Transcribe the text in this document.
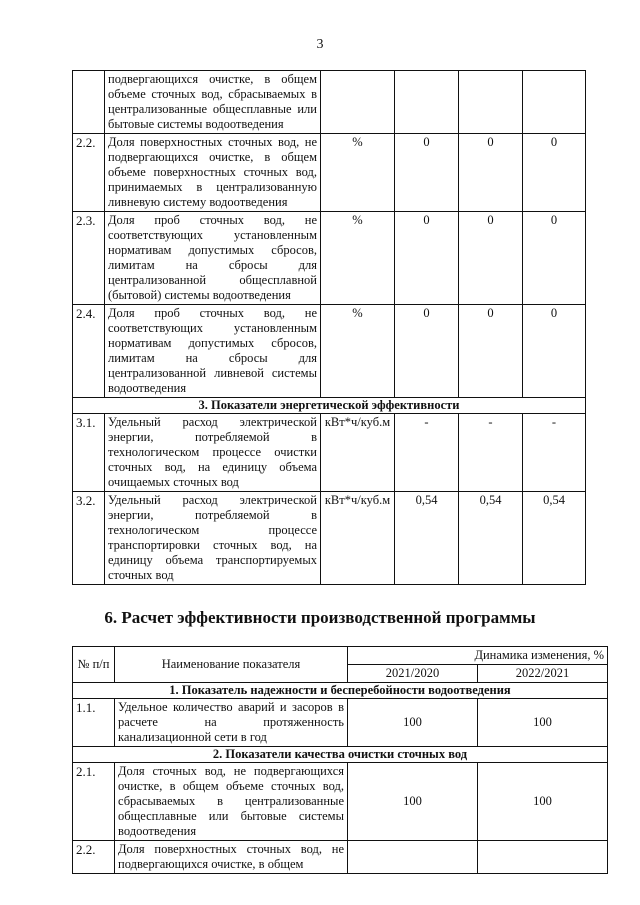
3
	подвергающихся очистке, в общем объеме сточных вод, сбрасываемых в централизованные общесплавные или бытовые системы водоотведения				
2.2.	Доля поверхностных сточных вод, не подвергающихся очистке, в общем объеме поверхностных сточных вод, принимаемых в централизованную ливневую систему водоотведения	%	0	0	0
2.3.	Доля проб сточных вод, не соответствующих установленным нормативам допустимых сбросов, лимитам на сбросы для централизованной общесплавной (бытовой) системы водоотведения	%	0	0	0
2.4.	Доля проб сточных вод, не соответствующих установленным нормативам допустимых сбросов, лимитам на сбросы для централизованной ливневой системы водоотведения	%	0	0	0
3. Показатели энергетической эффективности					
3.1.	Удельный расход электрической энергии, потребляемой в технологическом процессе очистки сточных вод, на единицу объема очищаемых сточных вод	кВт*ч/куб.м	-	-	-
3.2.	Удельный расход электрической энергии, потребляемой в технологическом процессе транспортировки сточных вод, на единицу объема транспортируемых сточных вод	кВт*ч/куб.м	0,54	0,54	0,54
6. Расчет эффективности производственной программы
№ п/п	Наименование показателя	Динамика изменения, %	
		2021/2020	2022/2021
1. Показатель надежности и бесперебойности водоотведения			
1.1.	Удельное количество аварий и засоров в расчете на протяженность канализационной сети в год	100	100
2. Показатели качества очистки сточных вод			
2.1.	Доля сточных вод, не подвергающихся очистке, в общем объеме сточных вод, сбрасываемых в централизованные общесплавные или бытовые системы водоотведения	100	100
2.2.	Доля поверхностных сточных вод, не подвергающихся очистке, в общем		
